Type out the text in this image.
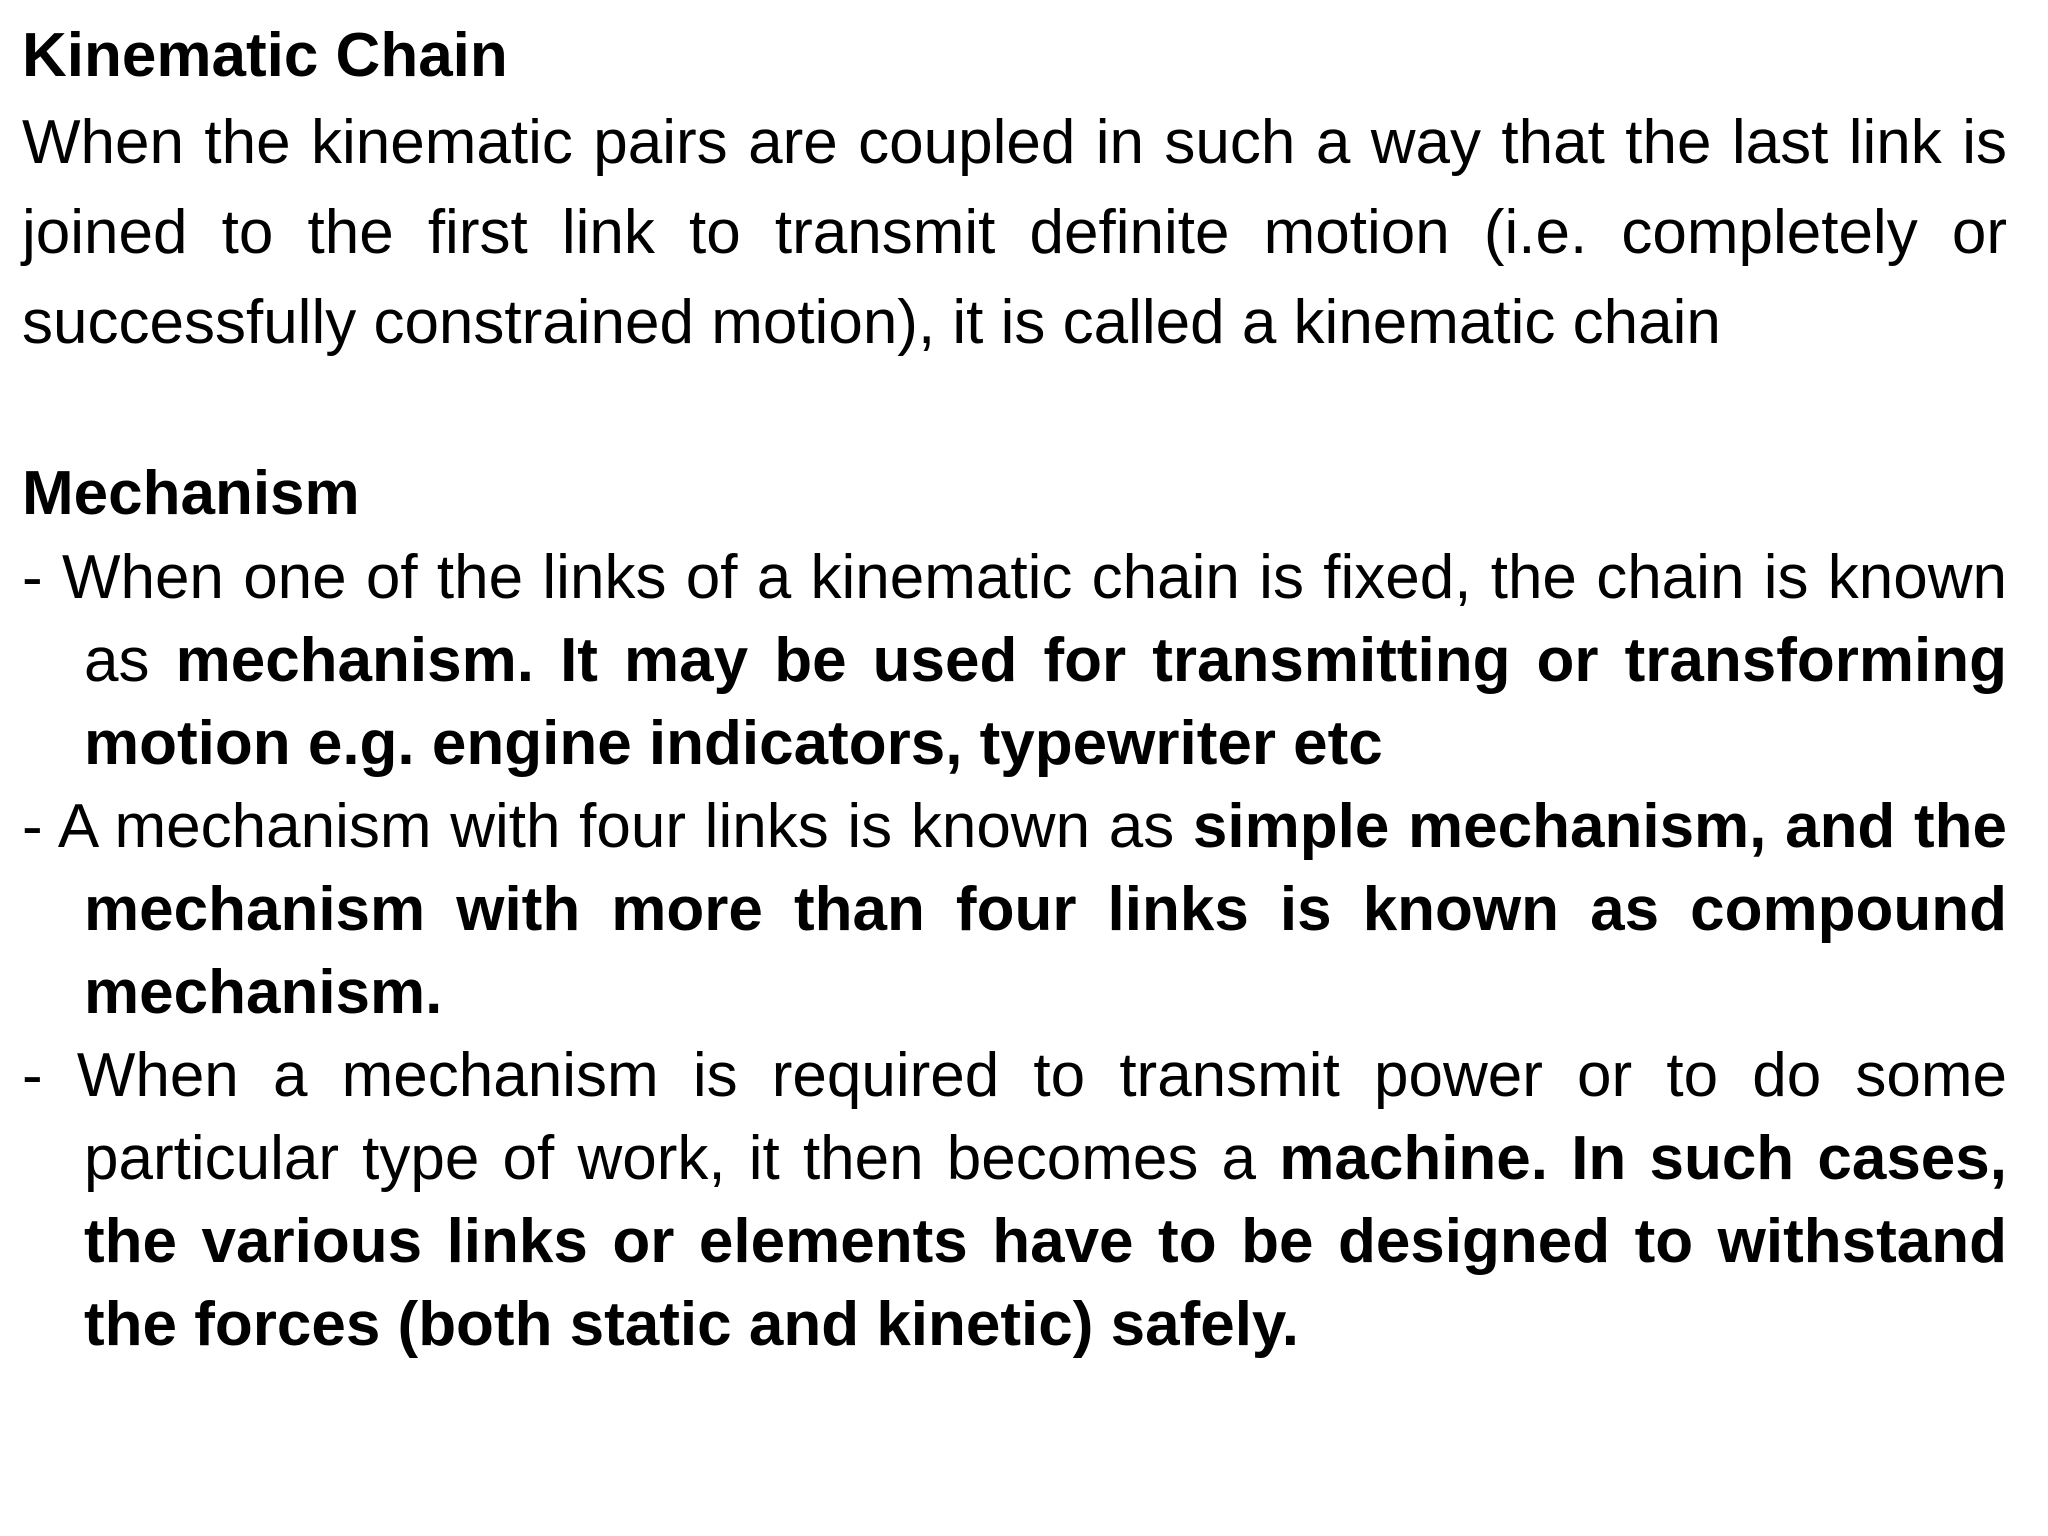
Kinematic Chain

When the kinematic pairs are coupled in such a way that the last link is joined to the first link to transmit definite motion (i.e. completely or successfully constrained motion), it is called a kinematic chain

Mechanism

- When one of the links of a kinematic chain is fixed, the chain is known as mechanism. It may be used for transmitting or transforming motion e.g. engine indicators, typewriter etc

- A mechanism with four links is known as simple mechanism, and the mechanism with more than four links is known as compound mechanism.

- When a mechanism is required to transmit power or to do some particular type of work, it then becomes a machine. In such cases, the various links or elements have to be designed to withstand the forces (both static and kinetic) safely.
